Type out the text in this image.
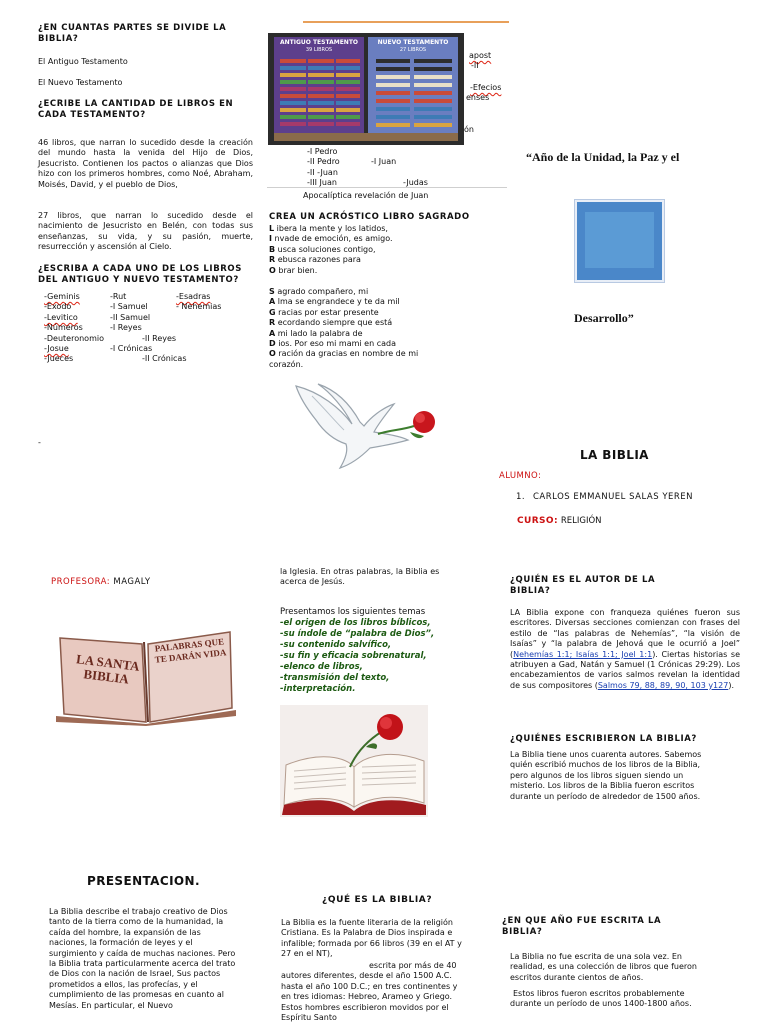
¿EN CUANTAS PARTES SE DIVIDE LA BIBLIA?
El Antiguo Testamento
El Nuevo Testamento
¿ECRIBE LA CANTIDAD DE LIBROS EN CADA TESTAMENTO?
46 libros, que narran lo sucedido desde la creación del mundo hasta la venida del Hijo de Dios, Jesucristo. Contienen los pactos o alianzas que Dios hizo con los primeros hombres, como Noé, Abraham, Moisés, David, y el pueblo de Dios,
27 libros, que narran lo sucedido desde el nacimiento de Jesucristo en Belén, con todas sus enseñanzas, su vida, y su pasión, muerte, resurrección y ascensión al Cielo.
¿ESCRIBA A CADA UNO DE LOS LIBROS DEL ANTIGUO Y NUEVO TESTAMENTO?
-Geminis
-Exodo
-Levitico
-Números
-Deuteronomio
-Josue
-Jueces
-Rut
-I Samuel
-II Samuel
-I Reyes
-I Crónicas
-II Reyes
-II Crónicas
-Esadras
- Nehemias
-
ANTIGUO TESTAMENTO
39 LIBROS
NUEVO TESTAMENTO
27 LIBROS
apost
-II
-Efecios
enses
ón
-I Pedro
-II Pedro	-I Juan
-II -Juan
-III Juan	-Judas
Apocalíptica revelación de Juan
CREA UN ACRÓSTICO LIBRO SAGRADO
L ibera la mente y los latidos,
I nvade de emoción, es amigo.
B usca soluciones contigo,
R ebusca razones para
O brar bien.
S agrado compañero, mi
A lma se engrandece y te da mil
G racias por estar presente
R ecordando siempre que está
A mi lado la palabra de
D ios. Por eso mi mami en cada
O ración da gracias en nombre de mi corazón.
“Año de la Unidad, la Paz y el
Desarrollo”
LA BIBLIA
ALUMNO:
1. CARLOS EMMANUEL SALAS YEREN
CURSO: RELIGIÓN
PROFESORA: MAGALY
LA SANTA BIBLIA
PALABRAS QUE TE DARÁN VIDA
PRESENTACION.
La Biblia describe el trabajo creativo de Dios tanto de la tierra como de la humanidad, la caída del hombre, la expansión de las naciones, la formación de leyes y el surgimiento y caída de muchas naciones. Pero la Biblia trata particularmente acerca del trato de Dios con la nación de Israel, Sus pactos prometidos a ellos, las profecías, y el cumplimiento de las promesas en cuanto al Mesías. En particular, el Nuevo
la Iglesia. En otras palabras, la Biblia es acerca de Jesús.
Presentamos los siguientes temas
-el origen de los libros bíblicos,
-su índole de “palabra de Dios”,
-su contenido salvífico,
-su fin y eficacia sobrenatural,
-elenco de libros,
-transmisión del texto,
-interpretación.
¿QUÉ ES LA BIBLIA?
La Biblia es la fuente literaria de la religión Cristiana. Es la Palabra de Dios inspirada e infalible; formada por 66 libros (39 en el AT y 27 en el NT),
escrita por más de 40 autores diferentes, desde el año 1500 A.C. hasta el año 100 D.C.; en tres continentes y en tres idiomas: Hebreo, Arameo y Griego. Estos hombres escribieron movidos por el Espíritu Santo
¿QUIÉN ES EL AUTOR DE LA BIBLIA?
LA Biblia expone con franqueza quiénes fueron sus escritores. Diversas secciones comienzan con frases del estilo de “las palabras de Nehemías”, “la visión de Isaías” y “la palabra de Jehová que le ocurrió a Joel” (Nehemías 1:1; Isaías 1:1; Joel 1:1). Ciertas historias se atribuyen a Gad, Natán y Samuel (1 Crónicas 29:29). Los encabezamientos de varios salmos revelan la identidad de sus compositores (Salmos 79, 88, 89, 90, 103 y127).
¿QUIÉNES ESCRIBIERON LA BIBLIA?
La Biblia tiene unos cuarenta autores. Sabemos quién escribió muchos de los libros de la Biblia, pero algunos de los libros siguen siendo un misterio. Los libros de la Biblia fueron escritos durante un período de alrededor de 1500 años.
¿EN QUE AÑO FUE ESCRITA LA BIBLIA?
La Biblia no fue escrita de una sola vez. En realidad, es una colección de libros que fueron escritos durante cientos de años.
Estos libros fueron escritos probablemente durante un período de unos 1400-1800 años.
